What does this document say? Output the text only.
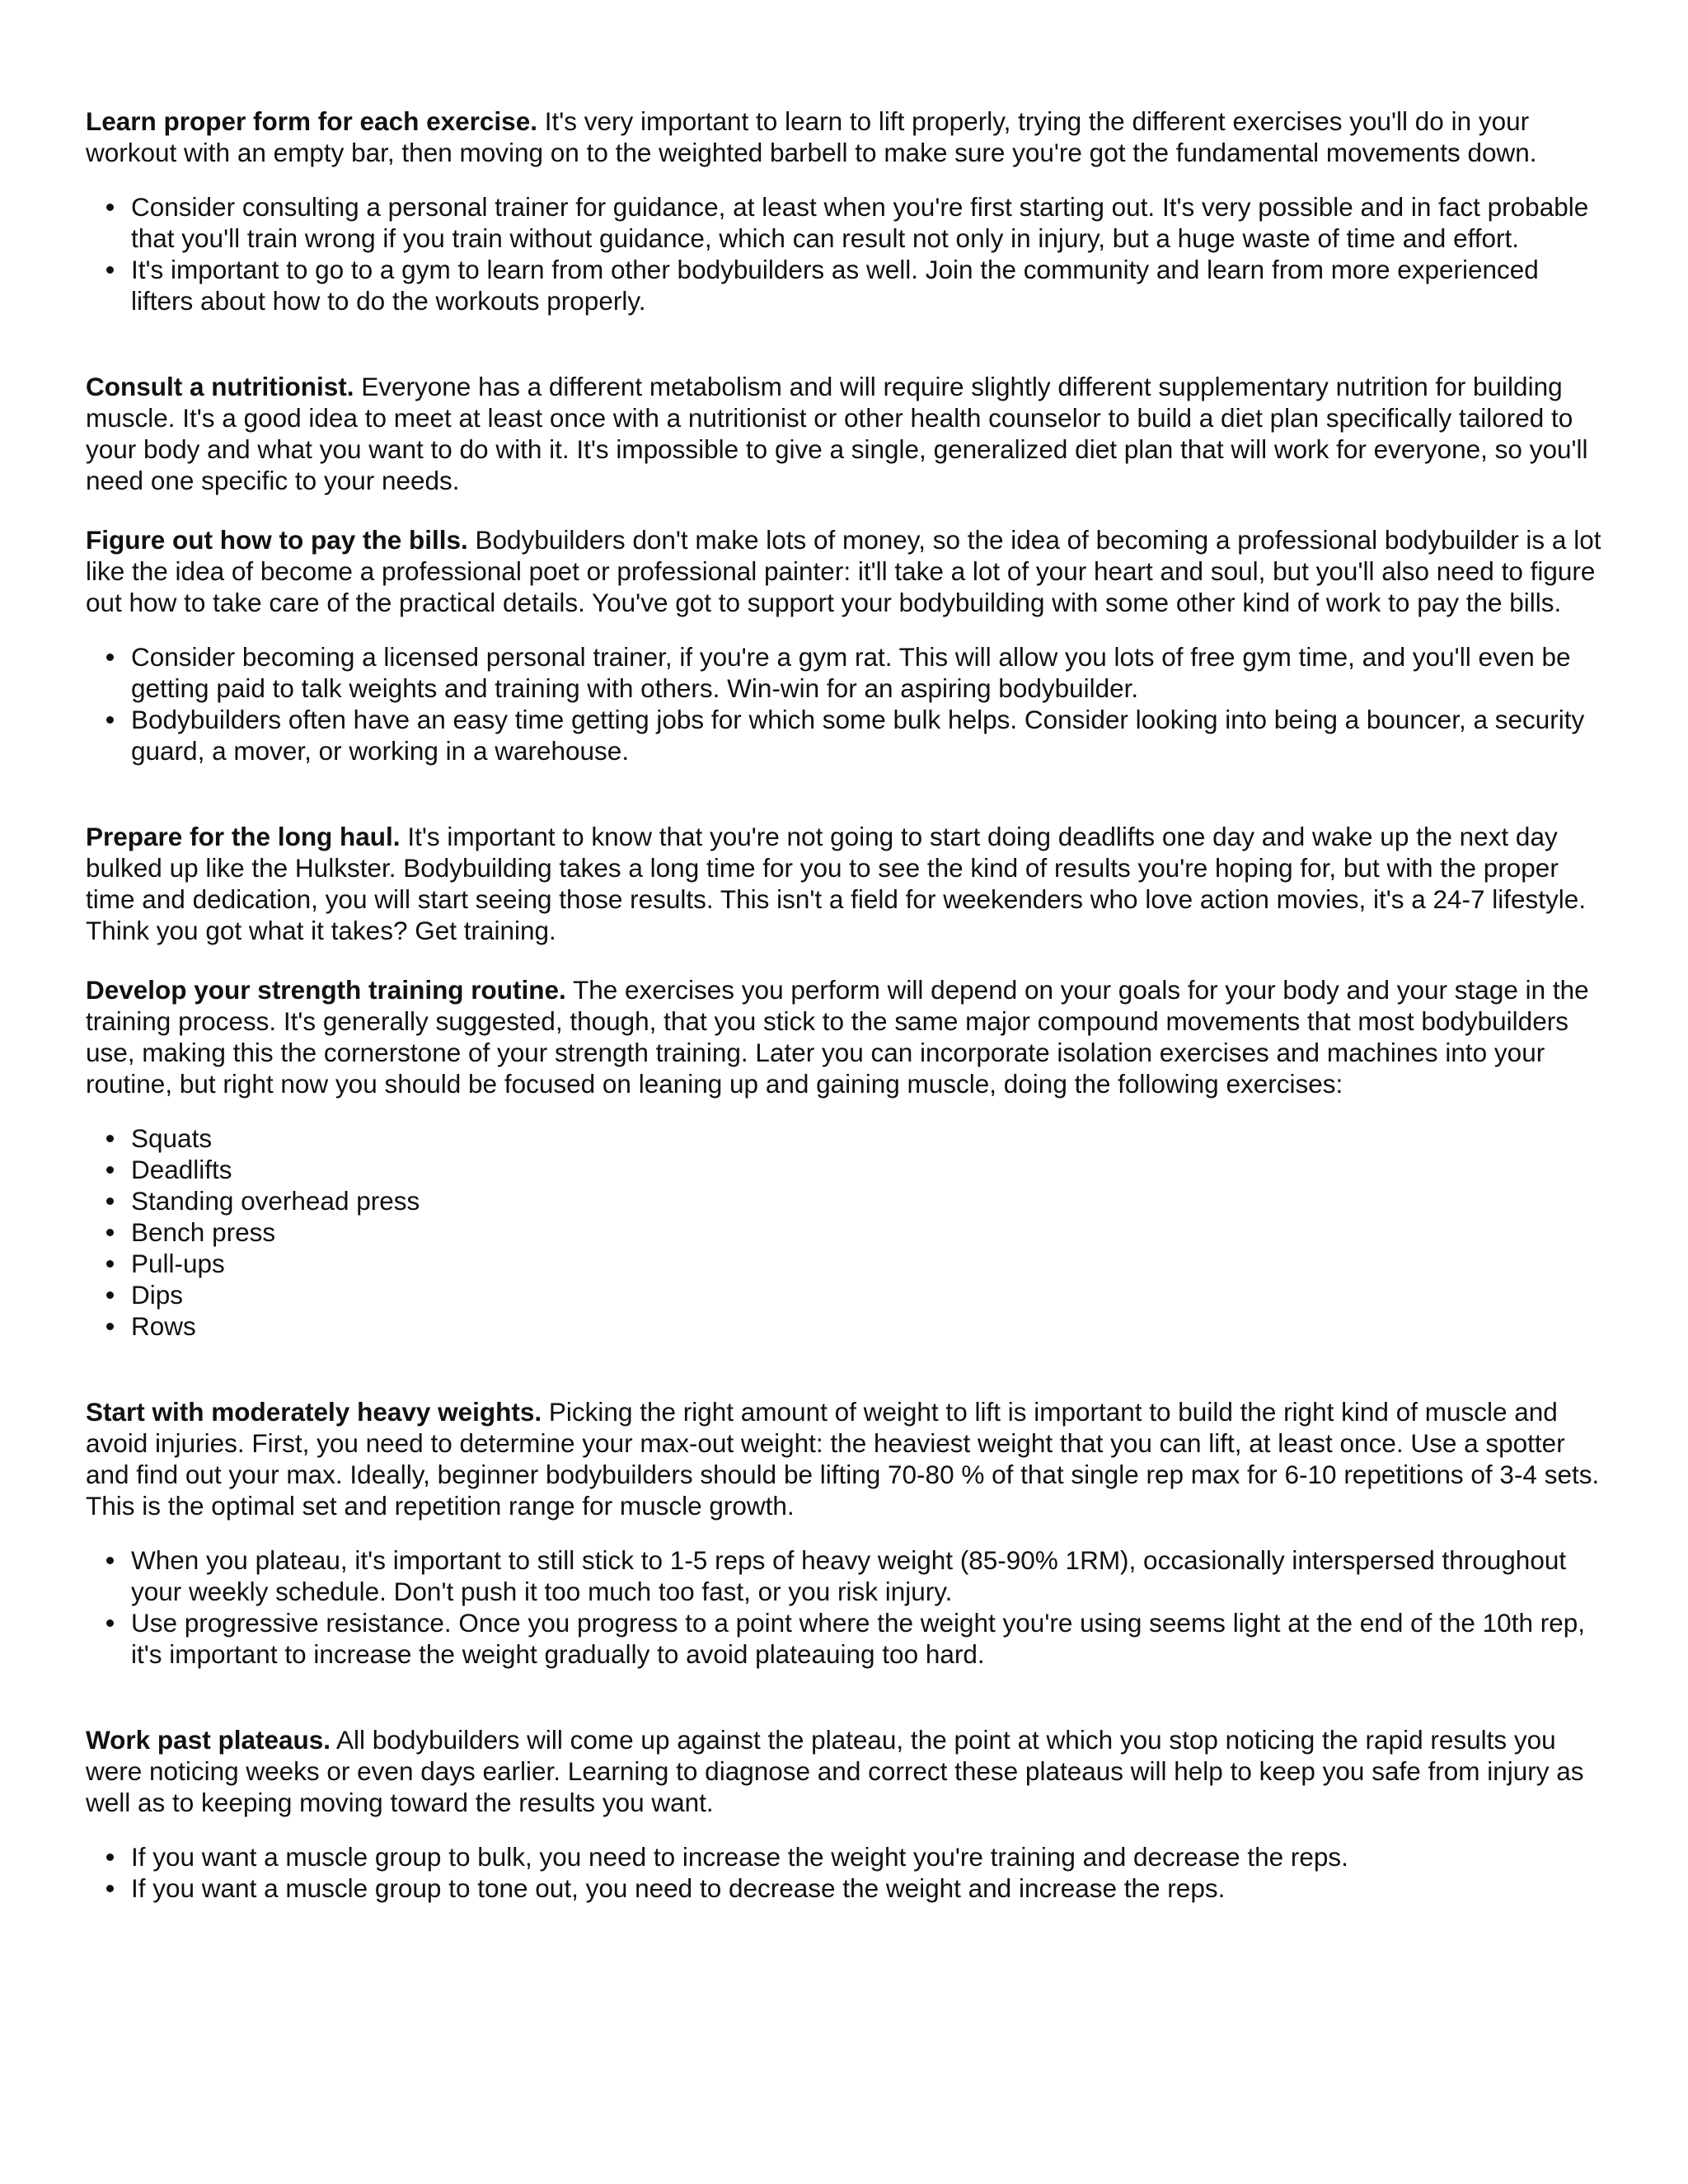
Learn proper form for each exercise. It's very important to learn to lift properly, trying the different exercises you'll do in your workout with an empty bar, then moving on to the weighted barbell to make sure you're got the fundamental movements down.

Consider consulting a personal trainer for guidance, at least when you're first starting out. It's very possible and in fact probable that you'll train wrong if you train without guidance, which can result not only in injury, but a huge waste of time and effort.
It's important to go to a gym to learn from other bodybuilders as well. Join the community and learn from more experienced lifters about how to do the workouts properly.

Consult a nutritionist. Everyone has a different metabolism and will require slightly different supplementary nutrition for building muscle. It's a good idea to meet at least once with a nutritionist or other health counselor to build a diet plan specifically tailored to your body and what you want to do with it. It's impossible to give a single, generalized diet plan that will work for everyone, so you'll need one specific to your needs.

Figure out how to pay the bills. Bodybuilders don't make lots of money, so the idea of becoming a professional bodybuilder is a lot like the idea of become a professional poet or professional painter: it'll take a lot of your heart and soul, but you'll also need to figure out how to take care of the practical details. You've got to support your bodybuilding with some other kind of work to pay the bills.

Consider becoming a licensed personal trainer, if you're a gym rat. This will allow you lots of free gym time, and you'll even be getting paid to talk weights and training with others. Win-win for an aspiring bodybuilder.
Bodybuilders often have an easy time getting jobs for which some bulk helps. Consider looking into being a bouncer, a security guard, a mover, or working in a warehouse.

Prepare for the long haul. It's important to know that you're not going to start doing deadlifts one day and wake up the next day bulked up like the Hulkster. Bodybuilding takes a long time for you to see the kind of results you're hoping for, but with the proper time and dedication, you will start seeing those results. This isn't a field for weekenders who love action movies, it's a 24-7 lifestyle. Think you got what it takes? Get training.

Develop your strength training routine. The exercises you perform will depend on your goals for your body and your stage in the training process. It's generally suggested, though, that you stick to the same major compound movements that most bodybuilders use, making this the cornerstone of your strength training. Later you can incorporate isolation exercises and machines into your routine, but right now you should be focused on leaning up and gaining muscle, doing the following exercises:

Squats
Deadlifts
Standing overhead press
Bench press
Pull-ups
Dips
Rows

Start with moderately heavy weights. Picking the right amount of weight to lift is important to build the right kind of muscle and avoid injuries. First, you need to determine your max-out weight: the heaviest weight that you can lift, at least once. Use a spotter and find out your max. Ideally, beginner bodybuilders should be lifting 70-80 % of that single rep max for 6-10 repetitions of 3-4 sets. This is the optimal set and repetition range for muscle growth.

When you plateau, it's important to still stick to 1-5 reps of heavy weight (85-90% 1RM), occasionally interspersed throughout your weekly schedule. Don't push it too much too fast, or you risk injury.
Use progressive resistance. Once you progress to a point where the weight you're using seems light at the end of the 10th rep, it's important to increase the weight gradually to avoid plateauing too hard.

Work past plateaus. All bodybuilders will come up against the plateau, the point at which you stop noticing the rapid results you were noticing weeks or even days earlier. Learning to diagnose and correct these plateaus will help to keep you safe from injury as well as to keeping moving toward the results you want.

If you want a muscle group to bulk, you need to increase the weight you're training and decrease the reps.
If you want a muscle group to tone out, you need to decrease the weight and increase the reps.
